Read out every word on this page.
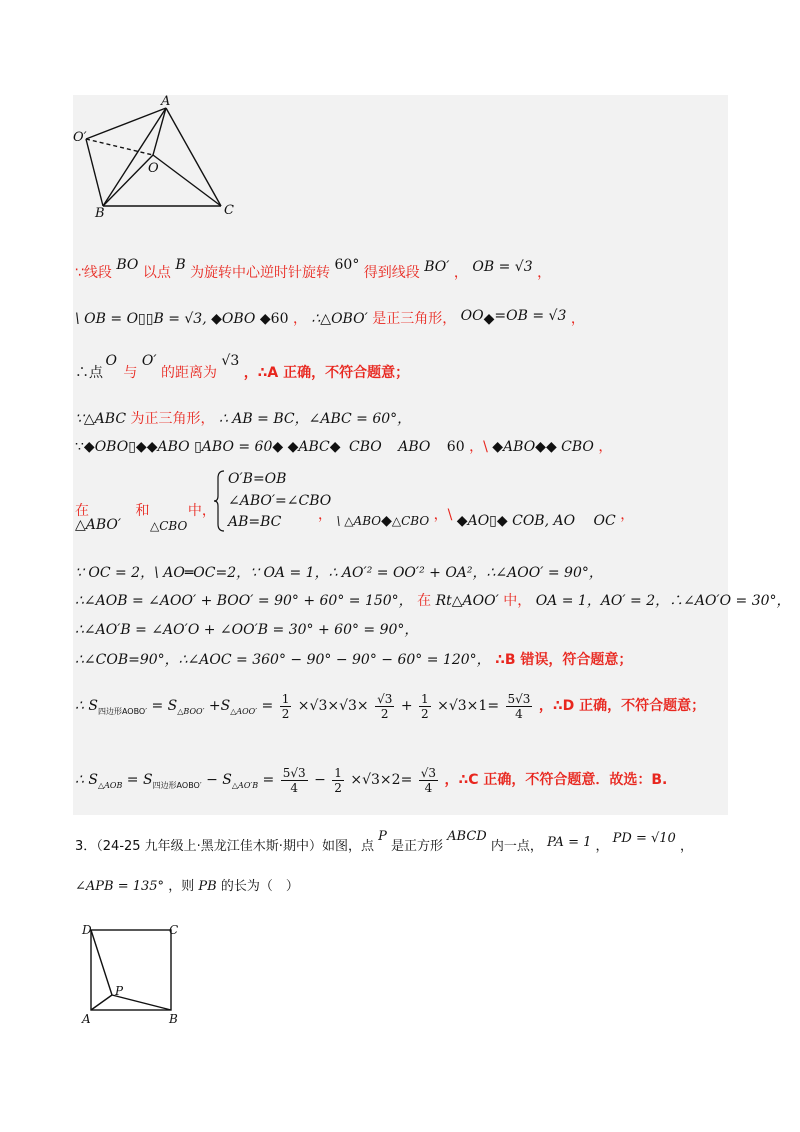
A
O′
O
B	C
∵线段 BO 以点 B 为旋转中心逆时针旋转 60° 得到线段 BO′ ， OB = √3 ，
\ OB = O▯▯B = √3, ◆OBO ◆60 ， ∴△OBO′ 是正三角形， OO◆=OB = √3 ，
∴点 O 与 O′ 的距离为 √3 ，∴A 正确，不符合题意；
∵△ABC 为正三角形， ∴ AB = BC，∠ABC = 60°，
∵◆OBO▯◆◆ABO ▯ABO = 60◆ ◆ABC◆ CBO ABO 60 ，\ ◆ABO◆◆ CBO ，
在	和	中，
△ABO′ △CBO
O′B=OB
∠ABO′=∠CBO
AB=BC	， \ △ABO◆△CBO ，\ ◆AO▯◆ COB, AO OC ，
∵ OC = 2，\ AO═OC=2，∵ OA = 1，∴ AO′² = OO′² + OA²，∴∠AOO′ = 90°，
∴∠AOB = ∠AOO′ + BOO′ = 90° + 60° = 150°， 在 Rt△AOO′ 中， OA = 1，AO′ = 2，∴∠AO′O = 30°，
∴∠AO′B = ∠AO′O + ∠OO′B = 30° + 60° = 90°，
∴∠COB=90°，∴∠AOC = 360° − 90° − 90° − 60° = 120°， ∴B 错误，符合题意；
∴ $S_{四边形AOBO'} = S_{\triangle BOO'} +S_{\triangle AOO'} = \frac{1}{2} \times√3\times√3\times \frac{√3}{2} + \frac{1}{2} \times√3\times 1= \frac{5√3}{4}$ ，∴D 正确，不符合题意；
∴ $S_{\triangle AOB} = S_{四边形AOBO'} - S_{\triangle AO'B} = \frac{5√3}{4} - \frac{1}{2} \times√3\times 2= \frac{√3}{4}$ ，∴C 正确，不符合题意．故选：B.
3．（24-25 九年级上·黑龙江佳木斯·期中）如图，点 P 是正方形 ABCD 内一点， PA = 1 ， PD = √10 ，
∠APB = 135° ，则 PB 的长为（　）
D	C
P
A	B
